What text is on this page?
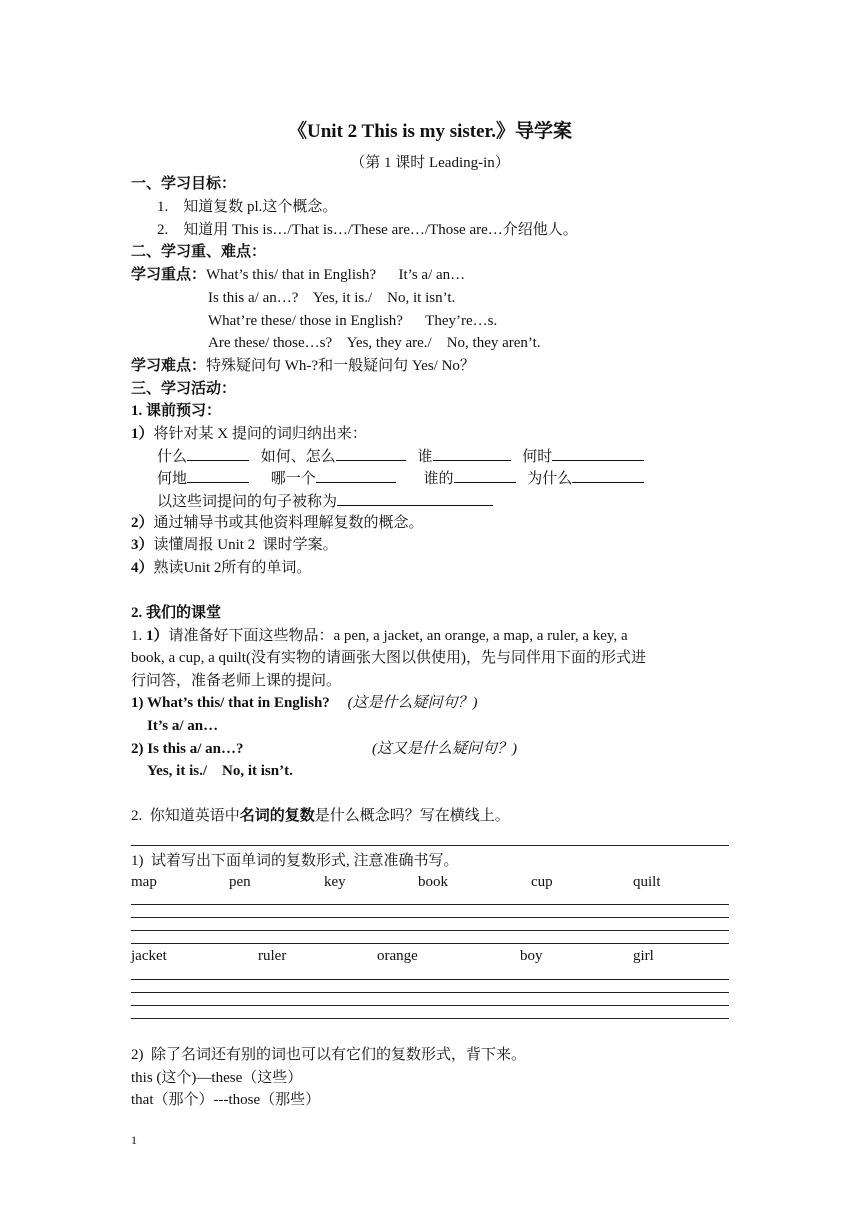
《Unit 2 This is my sister.》导学案
（第 1 课时 Leading-in）
一、学习目标：
1. 知道复数 pl.这个概念。
2. 知道用 This is…/That is…/These are…/Those are…介绍他人。
二、学习重、难点：
学习重点：What’s this/ that in English?      It’s a/ an…
Is this a/ an…?    Yes, it is./    No, it isn’t.
What’re these/ those in English?      They’re…s.
Are these/ those…s?    Yes, they are./    No, they aren’t.
学习难点：特殊疑问句 Wh-?和一般疑问句 Yes/ No？
三、学习活动：
1. 课前预习：
1）将针对某 X 提问的词归纳出来：
什么	如何、怎么	谁	何时
何地	哪一个	谁的	为什么
以这些词提问的句子被称为
2）通过辅导书或其他资料理解复数的概念。
3）读懂周报 Unit 2  课时学案。
4）熟读Unit 2所有的单词。
2. 我们的课堂
1. 1）请准备好下面这些物品：a pen, a jacket, an orange, a map, a ruler, a key, a
book, a cup, a quilt(没有实物的请画张大图以供使用)，先与同伴用下面的形式进
行问答，准备老师上课的提问。
1) What’s this/ that in English? (这是什么疑问句？)
It’s a/ an…
2) Is this a/ an…?	(这又是什么疑问句？)
Yes, it is./    No, it isn’t.
2.  你知道英语中名词的复数是什么概念吗？写在横线上。
1)  试着写出下面单词的复数形式, 注意准确书写。
map	pen	key	book	cup	quilt
jacket	ruler	orange	boy	girl
2)  除了名词还有别的词也可以有它们的复数形式，背下来。
this (这个)—these（这些）
that（那个）---those（那些）
1
